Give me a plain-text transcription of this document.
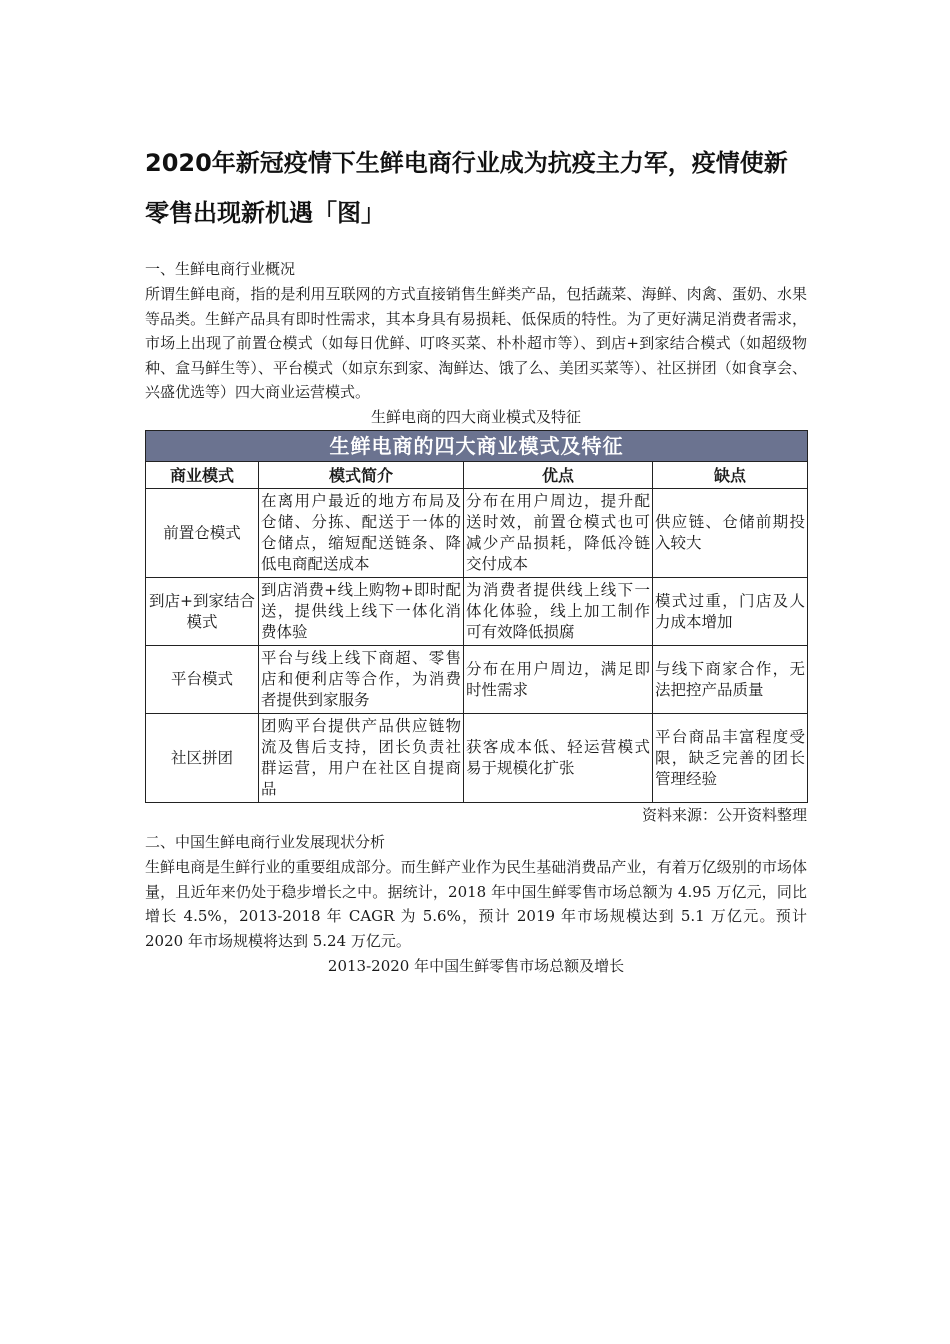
2020年新冠疫情下生鲜电商行业成为抗疫主力军，疫情使新零售出现新机遇「图」
一、生鲜电商行业概况
所谓生鲜电商，指的是利用互联网的方式直接销售生鲜类产品，包括蔬菜、海鲜、肉禽、蛋奶、水果等品类。生鲜产品具有即时性需求，其本身具有易损耗、低保质的特性。为了更好满足消费者需求，市场上出现了前置仓模式（如每日优鲜、叮咚买菜、朴朴超市等）、到店+到家结合模式（如超级物种、盒马鲜生等）、平台模式（如京东到家、淘鲜达、饿了么、美团买菜等）、社区拼团（如食享会、兴盛优选等）四大商业运营模式。
生鲜电商的四大商业模式及特征
生鲜电商的四大商业模式及特征			
商业模式	模式简介	优点	缺点
前置仓模式	在离用户最近的地方布局及仓储、分拣、配送于一体的仓储点，缩短配送链条、降低电商配送成本	分布在用户周边，提升配送时效，前置仓模式也可减少产品损耗，降低冷链交付成本	供应链、仓储前期投入较大
到店+到家结合模式	到店消费+线上购物+即时配送，提供线上线下一体化消费体验	为消费者提供线上线下一体化体验，线上加工制作可有效降低损腐	模式过重，门店及人力成本增加
平台模式	平台与线上线下商超、零售店和便利店等合作，为消费者提供到家服务	分布在用户周边，满足即时性需求	与线下商家合作，无法把控产品质量
社区拼团	团购平台提供产品供应链物流及售后支持，团长负责社群运营，用户在社区自提商品	获客成本低、轻运营模式易于规模化扩张	平台商品丰富程度受限，缺乏完善的团长管理经验
资料来源：公开资料整理
二、中国生鲜电商行业发展现状分析
生鲜电商是生鲜行业的重要组成部分。而生鲜产业作为民生基础消费品产业，有着万亿级别的市场体量，且近年来仍处于稳步增长之中。据统计，2018 年中国生鲜零售市场总额为 4.95 万亿元，同比增长 4.5%，2013-2018 年 CAGR 为 5.6%，预计 2019 年市场规模达到 5.1 万亿元。预计 2020 年市场规模将达到 5.24 万亿元。
2013-2020 年中国生鲜零售市场总额及增长
